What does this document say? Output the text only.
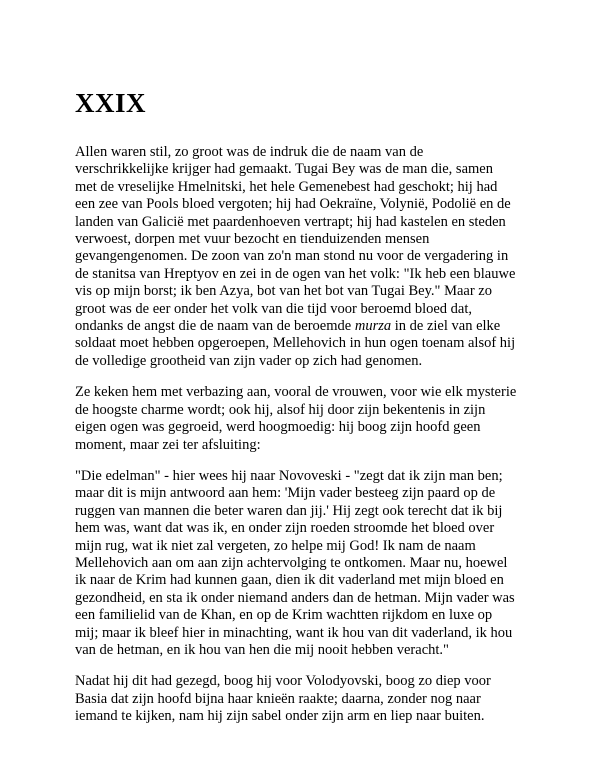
XXIX

Allen waren stil, zo groot was de indruk die de naam van de
verschrikkelijke krijger had gemaakt. Tugai Bey was de man die, samen
met de vreselijke Hmelnitski, het hele Gemenebest had geschokt; hij had
een zee van Pools bloed vergoten; hij had Oekraïne, Volynië, Podolië en de
landen van Galicië met paardenhoeven vertrapt; hij had kastelen en steden
verwoest, dorpen met vuur bezocht en tienduizenden mensen
gevangengenomen. De zoon van zo'n man stond nu voor de vergadering in
de stanitsa van Hreptyov en zei in de ogen van het volk: "Ik heb een blauwe
vis op mijn borst; ik ben Azya, bot van het bot van Tugai Bey." Maar zo
groot was de eer onder het volk van die tijd voor beroemd bloed dat,
ondanks de angst die de naam van de beroemde murza in de ziel van elke
soldaat moet hebben opgeroepen, Mellehovich in hun ogen toenam alsof hij
de volledige grootheid van zijn vader op zich had genomen.

Ze keken hem met verbazing aan, vooral de vrouwen, voor wie elk mysterie
de hoogste charme wordt; ook hij, alsof hij door zijn bekentenis in zijn
eigen ogen was gegroeid, werd hoogmoedig: hij boog zijn hoofd geen
moment, maar zei ter afsluiting:

"Die edelman" - hier wees hij naar Novoveski - "zegt dat ik zijn man ben;
maar dit is mijn antwoord aan hem: 'Mijn vader besteeg zijn paard op de
ruggen van mannen die beter waren dan jij.' Hij zegt ook terecht dat ik bij
hem was, want dat was ik, en onder zijn roeden stroomde het bloed over
mijn rug, wat ik niet zal vergeten, zo helpe mij God! Ik nam de naam
Mellehovich aan om aan zijn achtervolging te ontkomen. Maar nu, hoewel
ik naar de Krim had kunnen gaan, dien ik dit vaderland met mijn bloed en
gezondheid, en sta ik onder niemand anders dan de hetman. Mijn vader was
een familielid van de Khan, en op de Krim wachtten rijkdom en luxe op
mij; maar ik bleef hier in minachting, want ik hou van dit vaderland, ik hou
van de hetman, en ik hou van hen die mij nooit hebben veracht."

Nadat hij dit had gezegd, boog hij voor Volodyovski, boog zo diep voor
Basia dat zijn hoofd bijna haar knieën raakte; daarna, zonder nog naar
iemand te kijken, nam hij zijn sabel onder zijn arm en liep naar buiten.
